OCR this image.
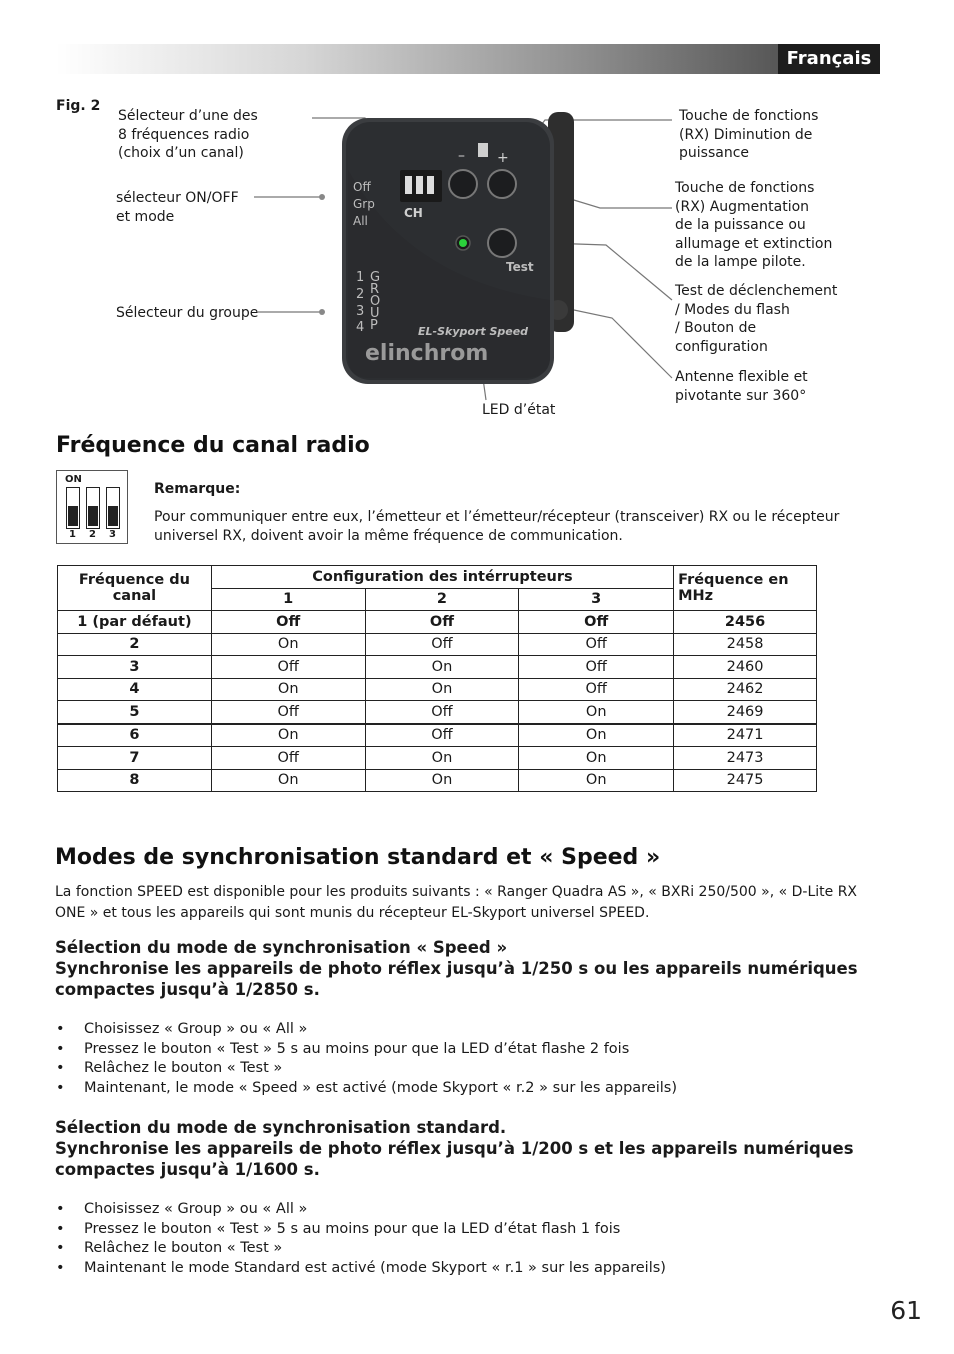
Français
Fig. 2
CH
Off
Grp
All
– +
Test
1
2
3
4
G
R
O
U
P	EL-Skyport Speed
elinchrom
Sélecteur d’une des
8 fréquences radio
(choix d’un canal)
sélecteur ON/OFF
et mode
Sélecteur du groupe
LED d’état
Touche de fonctions
(RX) Diminution de
puissance
Touche de fonctions
(RX) Augmentation
de la puissance ou
allumage et extinction
de la lampe pilote.
Test de déclenchement
/ Modes du flash
/ Bouton de
configuration
Antenne flexible et
pivotante sur 360°
Fréquence du canal radio
ON
1 2 3
Remarque:
Pour communiquer entre eux, l’émetteur et l’émetteur/récepteur (transceiver) RX ou le récepteur universel RX, doivent avoir la même fréquence de communication.
Fréquence du canal	Configuration des intérrupteurs			Fréquence en MHz
	1	2	3	
1 (par défaut)	Off	Off	Off	2456
2	On	Off	Off	2458
3	Off	On	Off	2460
4	On	On	Off	2462
5	Off	Off	On	2469
6	On	Off	On	2471
7	Off	On	On	2473
8	On	On	On	2475
Modes de synchronisation standard et « Speed »
La fonction SPEED est disponible pour les produits suivants : « Ranger Quadra AS », « BXRi 250/500 », « D-Lite RX ONE » et tous les appareils qui sont munis du récepteur EL-Skyport universel SPEED.
Sélection du mode de synchronisation « Speed »
Synchronise les appareils de photo réflex jusqu’à 1/250 s ou les appareils numériques compactes jusqu’à 1/2850 s.
• Choisissez « Group » ou « All »
• Pressez le bouton « Test » 5 s au moins pour que la LED d’état flashe 2 fois
• Relâchez le bouton « Test »
• Maintenant, le mode « Speed » est activé (mode Skyport « r.2 » sur les appareils)
Sélection du mode de synchronisation standard.
Synchronise les appareils de photo réflex jusqu’à 1/200 s et les appareils numériques compactes jusqu’à 1/1600 s.
• Choisissez « Group » ou « All »
• Pressez le bouton « Test » 5 s au moins pour que la LED d’état flash 1 fois
• Relâchez le bouton « Test »
• Maintenant le mode Standard est activé (mode Skyport « r.1 » sur les appareils)
61
